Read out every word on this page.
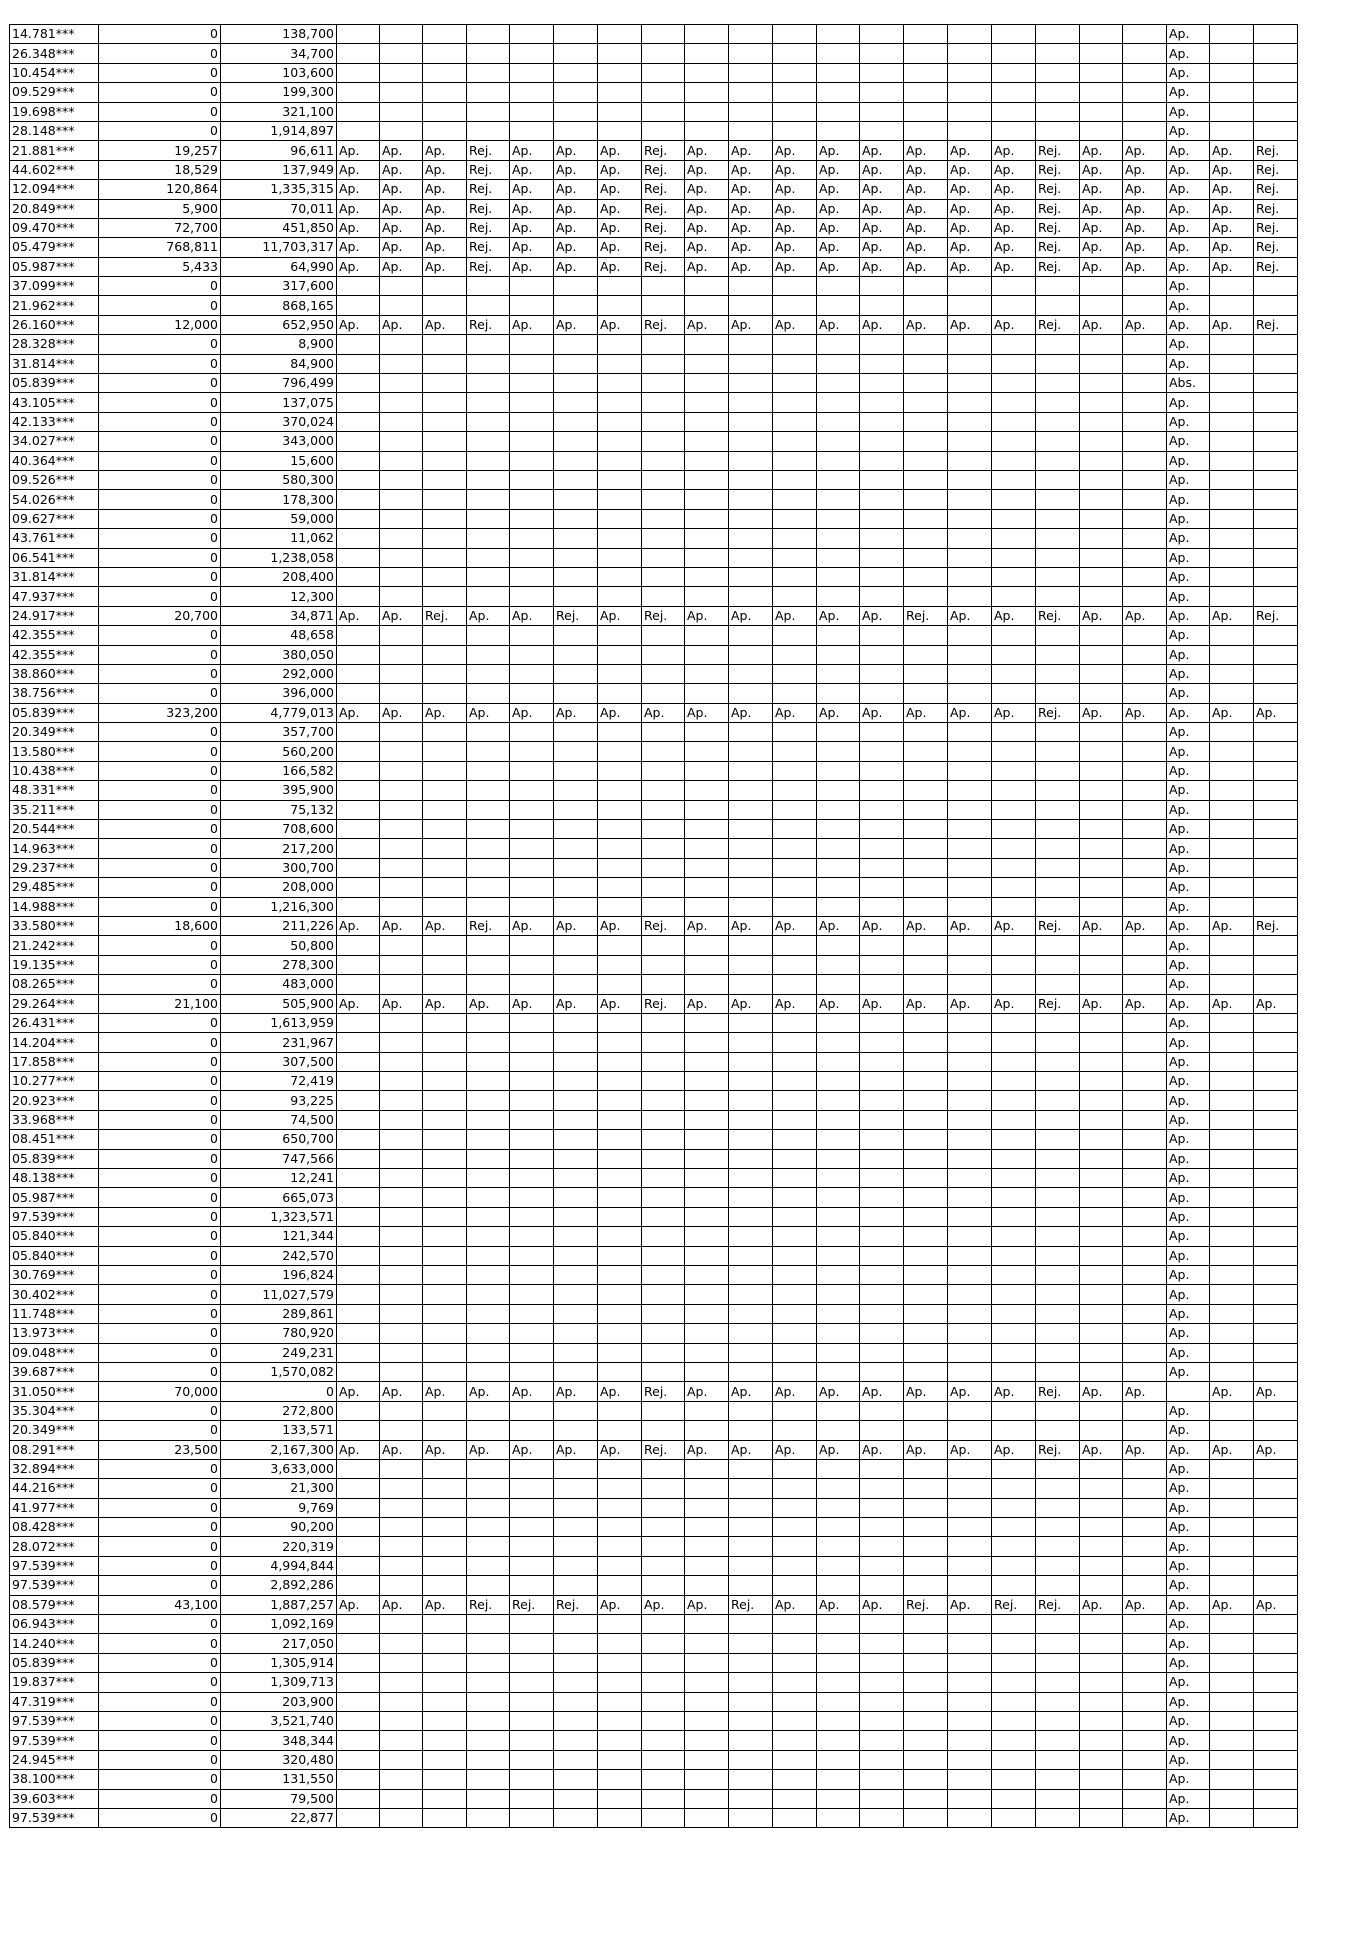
14.781***	0	138,700																				Ap.		
26.348***	0	34,700																				Ap.		
10.454***	0	103,600																				Ap.		
09.529***	0	199,300																				Ap.		
19.698***	0	321,100																				Ap.		
28.148***	0	1,914,897																				Ap.		
21.881***	19,257	96,611	Ap.	Ap.	Ap.	Rej.	Ap.	Ap.	Ap.	Rej.	Ap.	Ap.	Ap.	Ap.	Ap.	Ap.	Ap.	Ap.	Rej.	Ap.	Ap.	Ap.	Ap.	Rej.
44.602***	18,529	137,949	Ap.	Ap.	Ap.	Rej.	Ap.	Ap.	Ap.	Rej.	Ap.	Ap.	Ap.	Ap.	Ap.	Ap.	Ap.	Ap.	Rej.	Ap.	Ap.	Ap.	Ap.	Rej.
12.094***	120,864	1,335,315	Ap.	Ap.	Ap.	Rej.	Ap.	Ap.	Ap.	Rej.	Ap.	Ap.	Ap.	Ap.	Ap.	Ap.	Ap.	Ap.	Rej.	Ap.	Ap.	Ap.	Ap.	Rej.
20.849***	5,900	70,011	Ap.	Ap.	Ap.	Rej.	Ap.	Ap.	Ap.	Rej.	Ap.	Ap.	Ap.	Ap.	Ap.	Ap.	Ap.	Ap.	Rej.	Ap.	Ap.	Ap.	Ap.	Rej.
09.470***	72,700	451,850	Ap.	Ap.	Ap.	Rej.	Ap.	Ap.	Ap.	Rej.	Ap.	Ap.	Ap.	Ap.	Ap.	Ap.	Ap.	Ap.	Rej.	Ap.	Ap.	Ap.	Ap.	Rej.
05.479***	768,811	11,703,317	Ap.	Ap.	Ap.	Rej.	Ap.	Ap.	Ap.	Rej.	Ap.	Ap.	Ap.	Ap.	Ap.	Ap.	Ap.	Ap.	Rej.	Ap.	Ap.	Ap.	Ap.	Rej.
05.987***	5,433	64,990	Ap.	Ap.	Ap.	Rej.	Ap.	Ap.	Ap.	Rej.	Ap.	Ap.	Ap.	Ap.	Ap.	Ap.	Ap.	Ap.	Rej.	Ap.	Ap.	Ap.	Ap.	Rej.
37.099***	0	317,600																				Ap.		
21.962***	0	868,165																				Ap.		
26.160***	12,000	652,950	Ap.	Ap.	Ap.	Rej.	Ap.	Ap.	Ap.	Rej.	Ap.	Ap.	Ap.	Ap.	Ap.	Ap.	Ap.	Ap.	Rej.	Ap.	Ap.	Ap.	Ap.	Rej.
28.328***	0	8,900																				Ap.		
31.814***	0	84,900																				Ap.		
05.839***	0	796,499																				Abs.		
43.105***	0	137,075																				Ap.		
42.133***	0	370,024																				Ap.		
34.027***	0	343,000																				Ap.		
40.364***	0	15,600																				Ap.		
09.526***	0	580,300																				Ap.		
54.026***	0	178,300																				Ap.		
09.627***	0	59,000																				Ap.		
43.761***	0	11,062																				Ap.		
06.541***	0	1,238,058																				Ap.		
31.814***	0	208,400																				Ap.		
47.937***	0	12,300																				Ap.		
24.917***	20,700	34,871	Ap.	Ap.	Rej.	Ap.	Ap.	Rej.	Ap.	Rej.	Ap.	Ap.	Ap.	Ap.	Ap.	Rej.	Ap.	Ap.	Rej.	Ap.	Ap.	Ap.	Ap.	Rej.
42.355***	0	48,658																				Ap.		
42.355***	0	380,050																				Ap.		
38.860***	0	292,000																				Ap.		
38.756***	0	396,000																				Ap.		
05.839***	323,200	4,779,013	Ap.	Ap.	Ap.	Ap.	Ap.	Ap.	Ap.	Ap.	Ap.	Ap.	Ap.	Ap.	Ap.	Ap.	Ap.	Ap.	Rej.	Ap.	Ap.	Ap.	Ap.	Ap.
20.349***	0	357,700																				Ap.		
13.580***	0	560,200																				Ap.		
10.438***	0	166,582																				Ap.		
48.331***	0	395,900																				Ap.		
35.211***	0	75,132																				Ap.		
20.544***	0	708,600																				Ap.		
14.963***	0	217,200																				Ap.		
29.237***	0	300,700																				Ap.		
29.485***	0	208,000																				Ap.		
14.988***	0	1,216,300																				Ap.		
33.580***	18,600	211,226	Ap.	Ap.	Ap.	Rej.	Ap.	Ap.	Ap.	Rej.	Ap.	Ap.	Ap.	Ap.	Ap.	Ap.	Ap.	Ap.	Rej.	Ap.	Ap.	Ap.	Ap.	Rej.
21.242***	0	50,800																				Ap.		
19.135***	0	278,300																				Ap.		
08.265***	0	483,000																				Ap.		
29.264***	21,100	505,900	Ap.	Ap.	Ap.	Ap.	Ap.	Ap.	Ap.	Rej.	Ap.	Ap.	Ap.	Ap.	Ap.	Ap.	Ap.	Ap.	Rej.	Ap.	Ap.	Ap.	Ap.	Ap.
26.431***	0	1,613,959																				Ap.		
14.204***	0	231,967																				Ap.		
17.858***	0	307,500																				Ap.		
10.277***	0	72,419																				Ap.		
20.923***	0	93,225																				Ap.		
33.968***	0	74,500																				Ap.		
08.451***	0	650,700																				Ap.		
05.839***	0	747,566																				Ap.		
48.138***	0	12,241																				Ap.		
05.987***	0	665,073																				Ap.		
97.539***	0	1,323,571																				Ap.		
05.840***	0	121,344																				Ap.		
05.840***	0	242,570																				Ap.		
30.769***	0	196,824																				Ap.		
30.402***	0	11,027,579																				Ap.		
11.748***	0	289,861																				Ap.		
13.973***	0	780,920																				Ap.		
09.048***	0	249,231																				Ap.		
39.687***	0	1,570,082																				Ap.		
31.050***	70,000	0	Ap.	Ap.	Ap.	Ap.	Ap.	Ap.	Ap.	Rej.	Ap.	Ap.	Ap.	Ap.	Ap.	Ap.	Ap.	Ap.	Rej.	Ap.	Ap.		Ap.	Ap.
35.304***	0	272,800																				Ap.		
20.349***	0	133,571																				Ap.		
08.291***	23,500	2,167,300	Ap.	Ap.	Ap.	Ap.	Ap.	Ap.	Ap.	Rej.	Ap.	Ap.	Ap.	Ap.	Ap.	Ap.	Ap.	Ap.	Rej.	Ap.	Ap.	Ap.	Ap.	Ap.
32.894***	0	3,633,000																				Ap.		
44.216***	0	21,300																				Ap.		
41.977***	0	9,769																				Ap.		
08.428***	0	90,200																				Ap.		
28.072***	0	220,319																				Ap.		
97.539***	0	4,994,844																				Ap.		
97.539***	0	2,892,286																				Ap.		
08.579***	43,100	1,887,257	Ap.	Ap.	Ap.	Rej.	Rej.	Rej.	Ap.	Ap.	Ap.	Rej.	Ap.	Ap.	Ap.	Rej.	Ap.	Rej.	Rej.	Ap.	Ap.	Ap.	Ap.	Ap.
06.943***	0	1,092,169																				Ap.		
14.240***	0	217,050																				Ap.		
05.839***	0	1,305,914																				Ap.		
19.837***	0	1,309,713																				Ap.		
47.319***	0	203,900																				Ap.		
97.539***	0	3,521,740																				Ap.		
97.539***	0	348,344																				Ap.		
24.945***	0	320,480																				Ap.		
38.100***	0	131,550																				Ap.		
39.603***	0	79,500																				Ap.		
97.539***	0	22,877																				Ap.		
